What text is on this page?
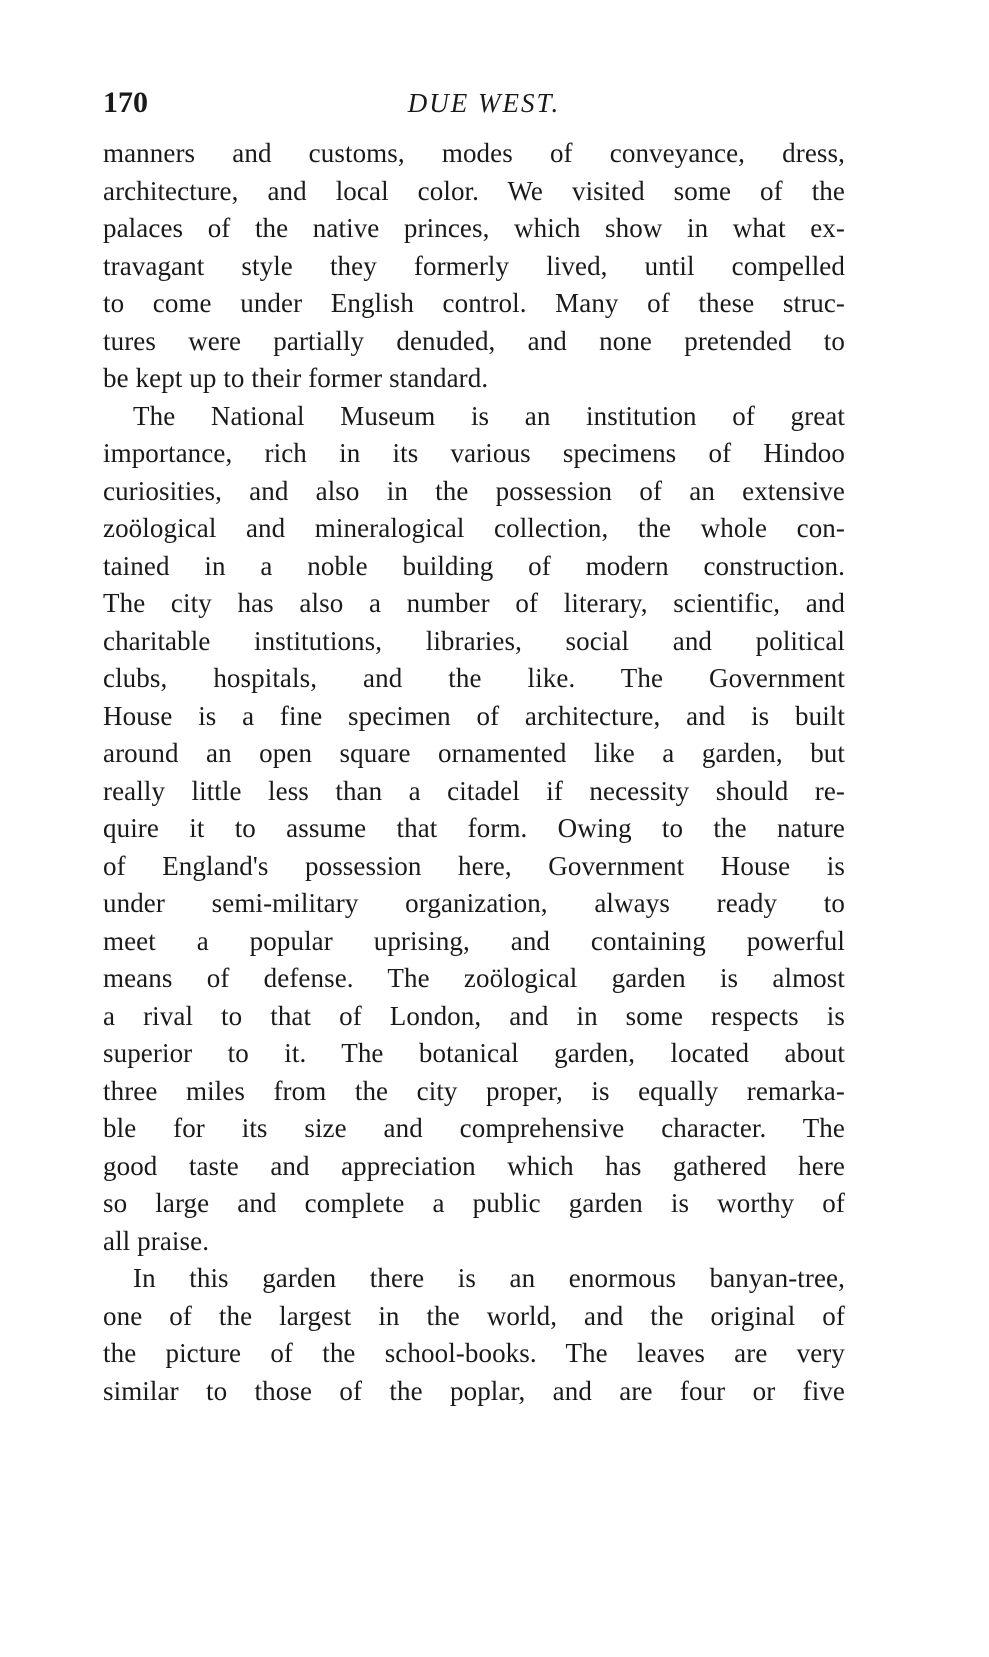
170	DUE WEST.
manners and customs, modes of conveyance, dress,
architecture, and local color. We visited some of the
palaces of the native princes, which show in what ex-
travagant style they formerly lived, until compelled
to come under English control. Many of these struc-
tures were partially denuded, and none pretended to
be kept up to their former standard.
The National Museum is an institution of great
importance, rich in its various specimens of Hindoo
curiosities, and also in the possession of an extensive
zoölogical and mineralogical collection, the whole con-
tained in a noble building of modern construction.
The city has also a number of literary, scientific, and
charitable institutions, libraries, social and political
clubs, hospitals, and the like. The Government
House is a fine specimen of architecture, and is built
around an open square ornamented like a garden, but
really little less than a citadel if necessity should re-
quire it to assume that form. Owing to the nature
of England's possession here, Government House is
under semi-military organization, always ready to
meet a popular uprising, and containing powerful
means of defense. The zoölogical garden is almost
a rival to that of London, and in some respects is
superior to it. The botanical garden, located about
three miles from the city proper, is equally remarka-
ble for its size and comprehensive character. The
good taste and appreciation which has gathered here
so large and complete a public garden is worthy of
all praise.
In this garden there is an enormous banyan-tree,
one of the largest in the world, and the original of
the picture of the school-books. The leaves are very
similar to those of the poplar, and are four or five
